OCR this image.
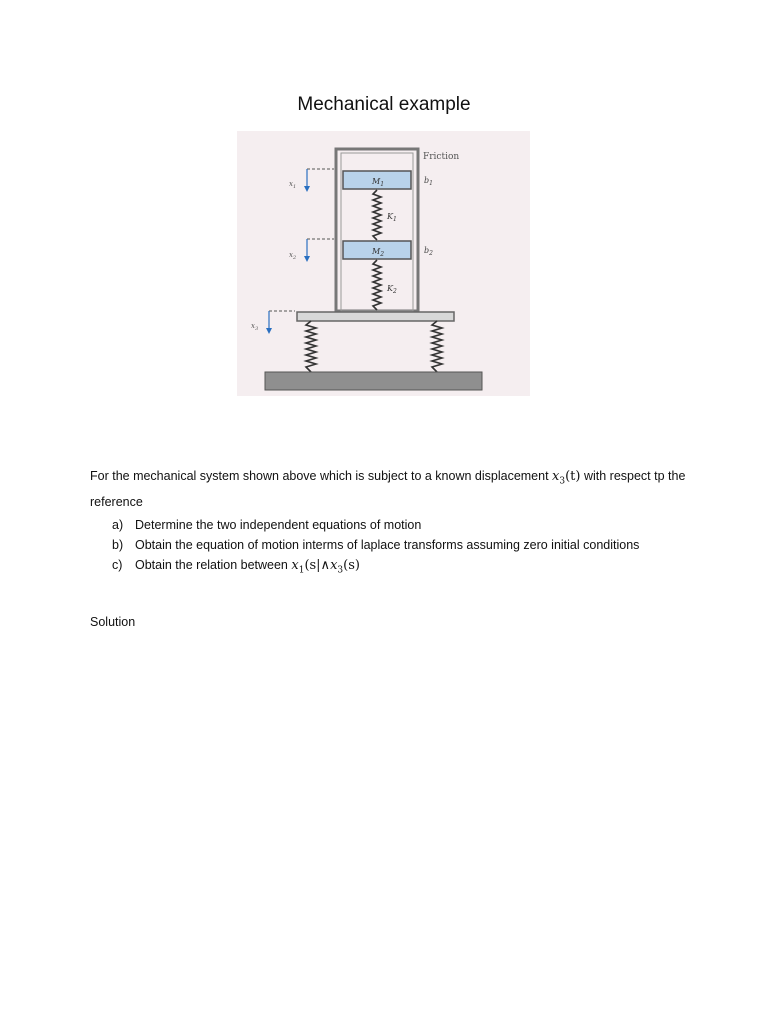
Mechanical example
$M_1$
$K_1$
$M_2$
$K_2$
Friction
$b_1$
$b_2$
$x_1$
$x_2$
$x_3$
For the mechanical system shown above which is subject to a known displacement $x_3(t)$ with respect tp the reference
a) Determine the two independent equations of motion
b) Obtain the equation of motion interms of laplace transforms assuming zero initial conditions
c)	Obtain the relation between $x_1(s|\wedge x_3(s)$
Solution
